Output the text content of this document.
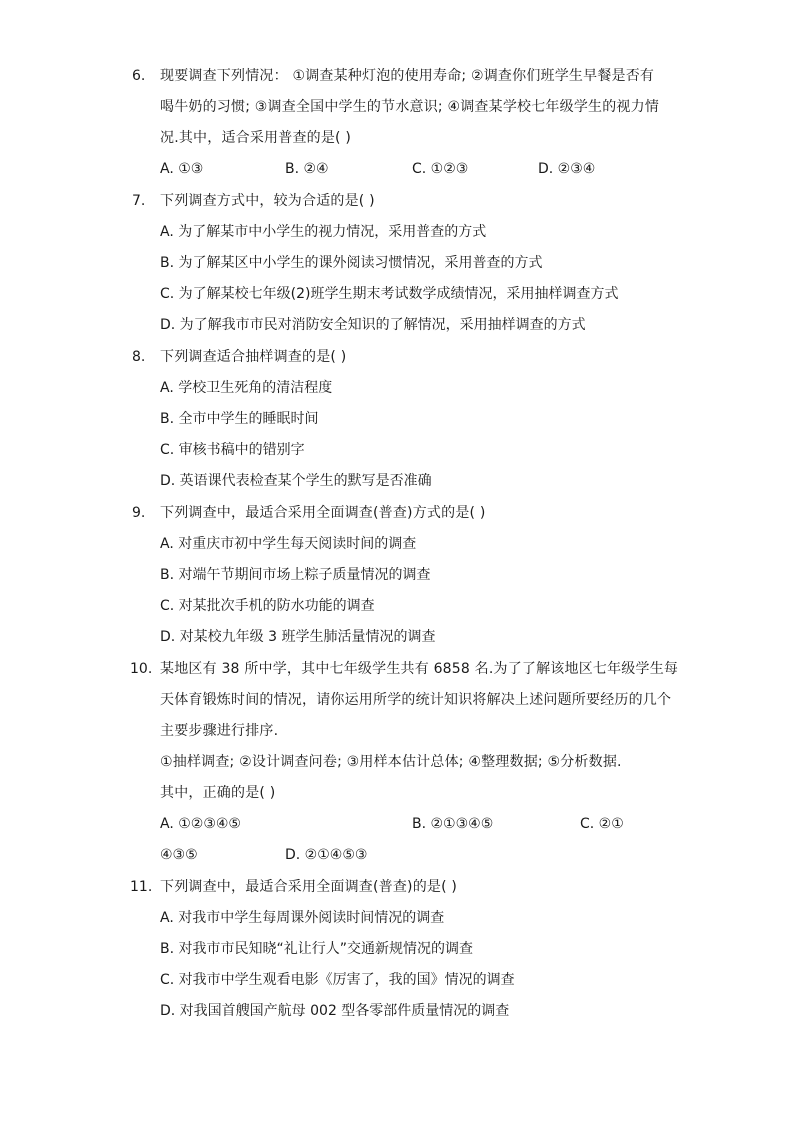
6. 现要调查下列情况： ①调查某种灯泡的使用寿命; ②调查你们班学生早餐是否有
喝牛奶的习惯; ③调查全国中学生的节水意识; ④调查某学校七年级学生的视力情
况.其中，适合采用普查的是( )
A. ①③	B. ②④	C. ①②③	D. ②③④
7. 下列调查方式中，较为合适的是( )
A. 为了解某市中小学生的视力情况，采用普查的方式
B. 为了解某区中小学生的课外阅读习惯情况，采用普查的方式
C. 为了解某校七年级(2)班学生期末考试数学成绩情况，采用抽样调查方式
D. 为了解我市市民对消防安全知识的了解情况，采用抽样调查的方式
8. 下列调查适合抽样调查的是( )
A. 学校卫生死角的清洁程度
B. 全市中学生的睡眠时间
C. 审核书稿中的错别字
D. 英语课代表检查某个学生的默写是否准确
9. 下列调查中，最适合采用全面调查(普查)方式的是( )
A. 对重庆市初中学生每天阅读时间的调查
B. 对端午节期间市场上粽子质量情况的调查
C. 对某批次手机的防水功能的调查
D. 对某校九年级 3 班学生肺活量情况的调查
10. 某地区有 38 所中学，其中七年级学生共有 6858 名.为了了解该地区七年级学生每
天体育锻炼时间的情况，请你运用所学的统计知识将解决上述问题所要经历的几个
主要步骤进行排序.
①抽样调查; ②设计调查问卷; ③用样本估计总体; ④整理数据; ⑤分析数据.
其中，正确的是( )
A. ①②③④⑤	B. ②①③④⑤	C. ②①
④③⑤	D. ②①④⑤③
11. 下列调查中，最适合采用全面调查(普查)的是( )
A. 对我市中学生每周课外阅读时间情况的调查
B. 对我市市民知晓“礼让行人”交通新规情况的调查
C. 对我市中学生观看电影《厉害了，我的国》情况的调查
D. 对我国首艘国产航母 002 型各零部件质量情况的调查
